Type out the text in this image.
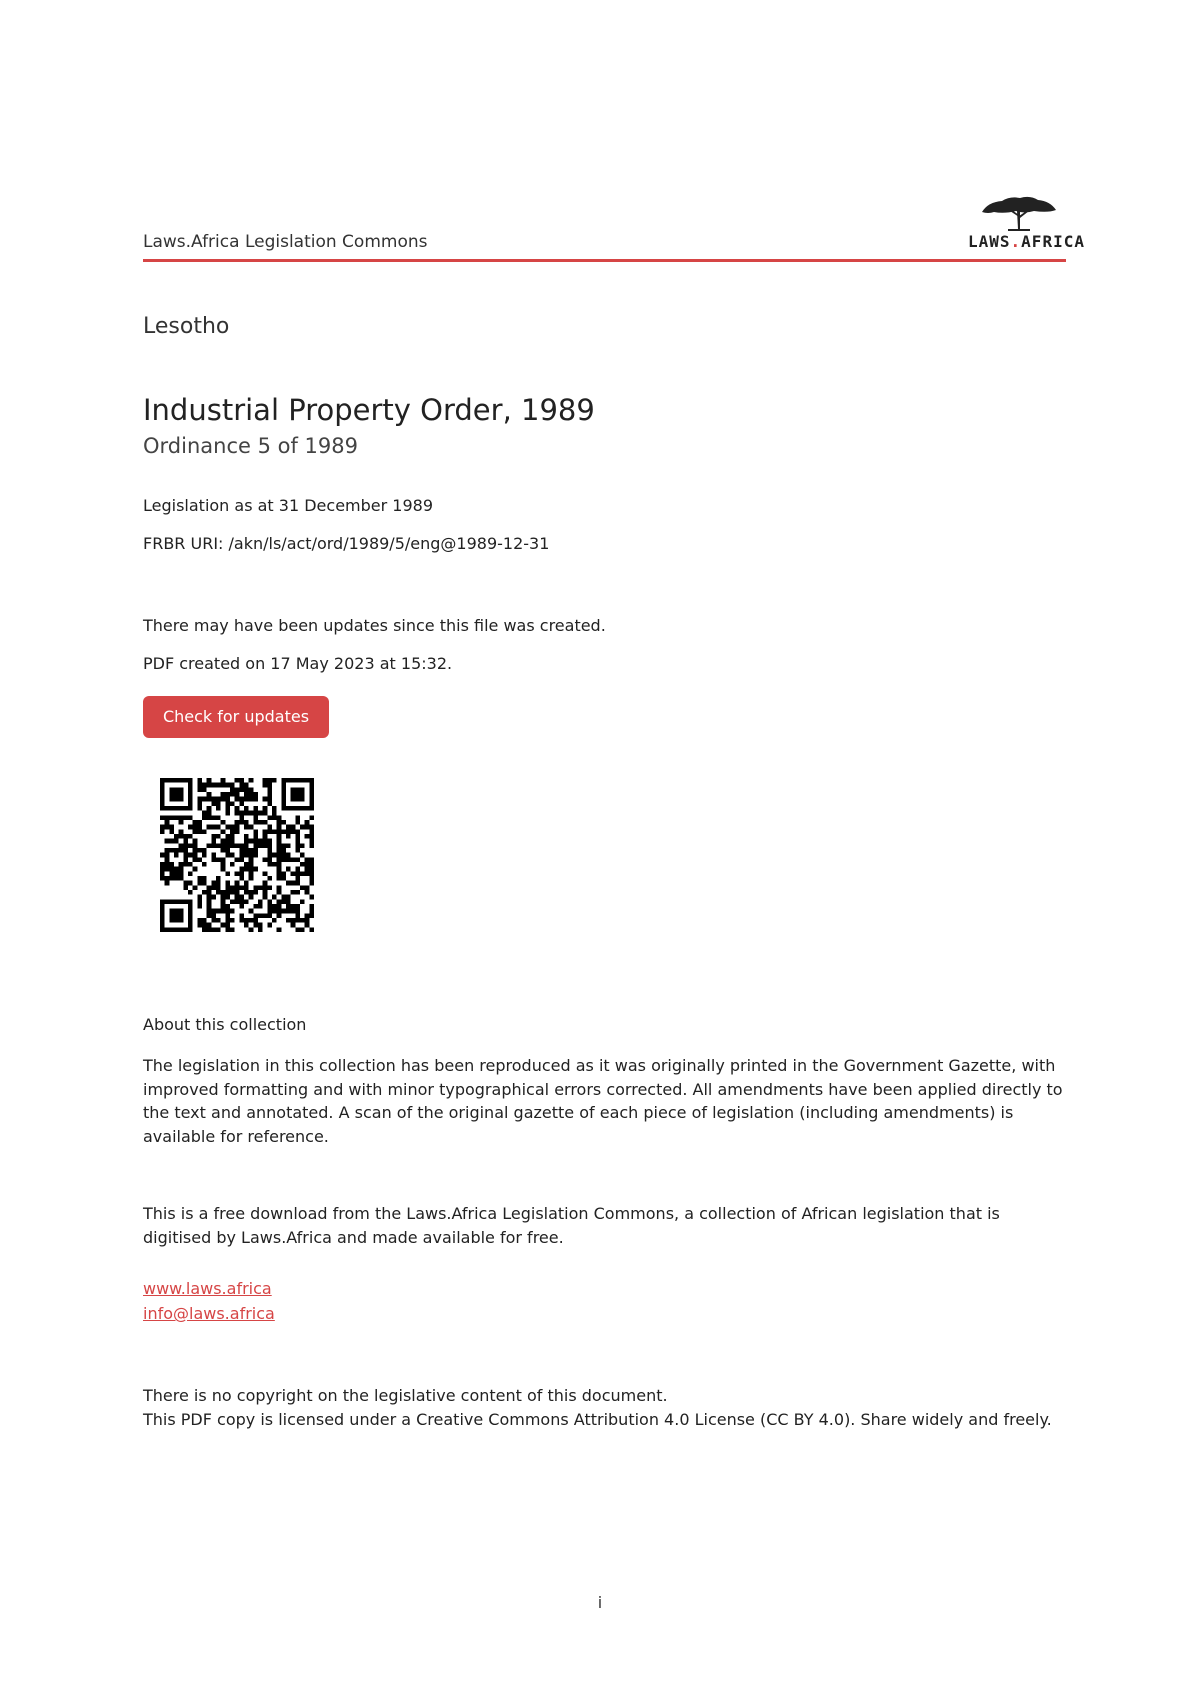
Laws.Africa Legislation Commons	LAWS.AFRICA
Lesotho
Industrial Property Order, 1989
Ordinance 5 of 1989
Legislation as at 31 December 1989
FRBR URI: /akn/ls/act/ord/1989/5/eng@1989-12-31
There may have been updates since this file was created.
PDF created on 17 May 2023 at 15:32.
Check for updates
About this collection
The legislation in this collection has been reproduced as it was originally printed in the Government Gazette, with improved formatting and with minor typographical errors corrected. All amendments have been applied directly to the text and annotated. A scan of the original gazette of each piece of legislation (including amendments) is available for reference.
This is a free download from the Laws.Africa Legislation Commons, a collection of African legislation that is digitised by Laws.Africa and made available for free.
www.laws.africa
info@laws.africa
There is no copyright on the legislative content of this document.
This PDF copy is licensed under a Creative Commons Attribution 4.0 License (CC BY 4.0). Share widely and freely.
i
